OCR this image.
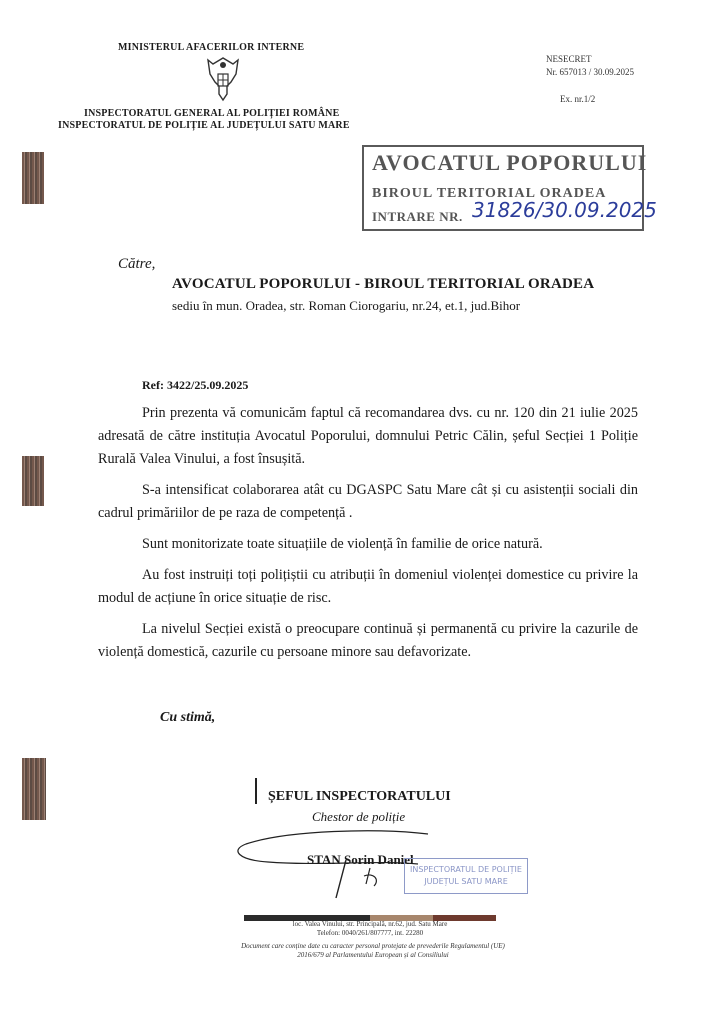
MINISTERUL AFACERILOR INTERNE
INSPECTORATUL GENERAL AL POLIȚIEI ROMÂNE
INSPECTORATUL DE POLIȚIE AL JUDEȚULUI SATU MARE
NESECRET
Nr. 657013 / 30.09.2025
Ex. nr.1/2
AVOCATUL POPORULUI
BIROUL TERITORIAL ORADEA
INTRARE NR. 31826/30.09.2025
Către,
AVOCATUL POPORULUI - BIROUL TERITORIAL ORADEA
sediu în mun. Oradea, str. Roman Ciorogariu, nr.24, et.1, jud.Bihor
Ref: 3422/25.09.2025

Prin prezenta vă comunicăm faptul că recomandarea dvs. cu nr. 120 din 21 iulie 2025 adresată de către instituția Avocatul Poporului, domnului Petric Călin, șeful Secției 1 Poliție Rurală Valea Vinului, a fost însușită.

S-a intensificat colaborarea atât cu DGASPC Satu Mare cât și cu asistenții sociali din cadrul primăriilor de pe raza de competență .

Sunt monitorizate toate situațiile de violență în familie de orice natură.

Au fost instruiți toți polițiștii cu atribuții în domeniul violenței domestice cu privire la modul de acțiune în orice situație de risc.

La nivelul Secției există o preocupare continuă și permanentă cu privire la cazurile de violență domestică, cazurile cu persoane minore sau defavorizate.

Cu stimă,
ȘEFUL INSPECTORATULUI
Chestor de poliție
STAN Sorin Daniel
INSPECTORATUL DE POLIȚIE
JUDEȚUL SATU MARE
loc. Valea Vinului, str. Principală, nr.62, jud. Satu Mare
Telefon: 0040/261/807777, int. 22280
Document care conține date cu caracter personal protejate de prevederile Regulamentul (UE) 2016/679 al Parlamentului European și al Consiliului
